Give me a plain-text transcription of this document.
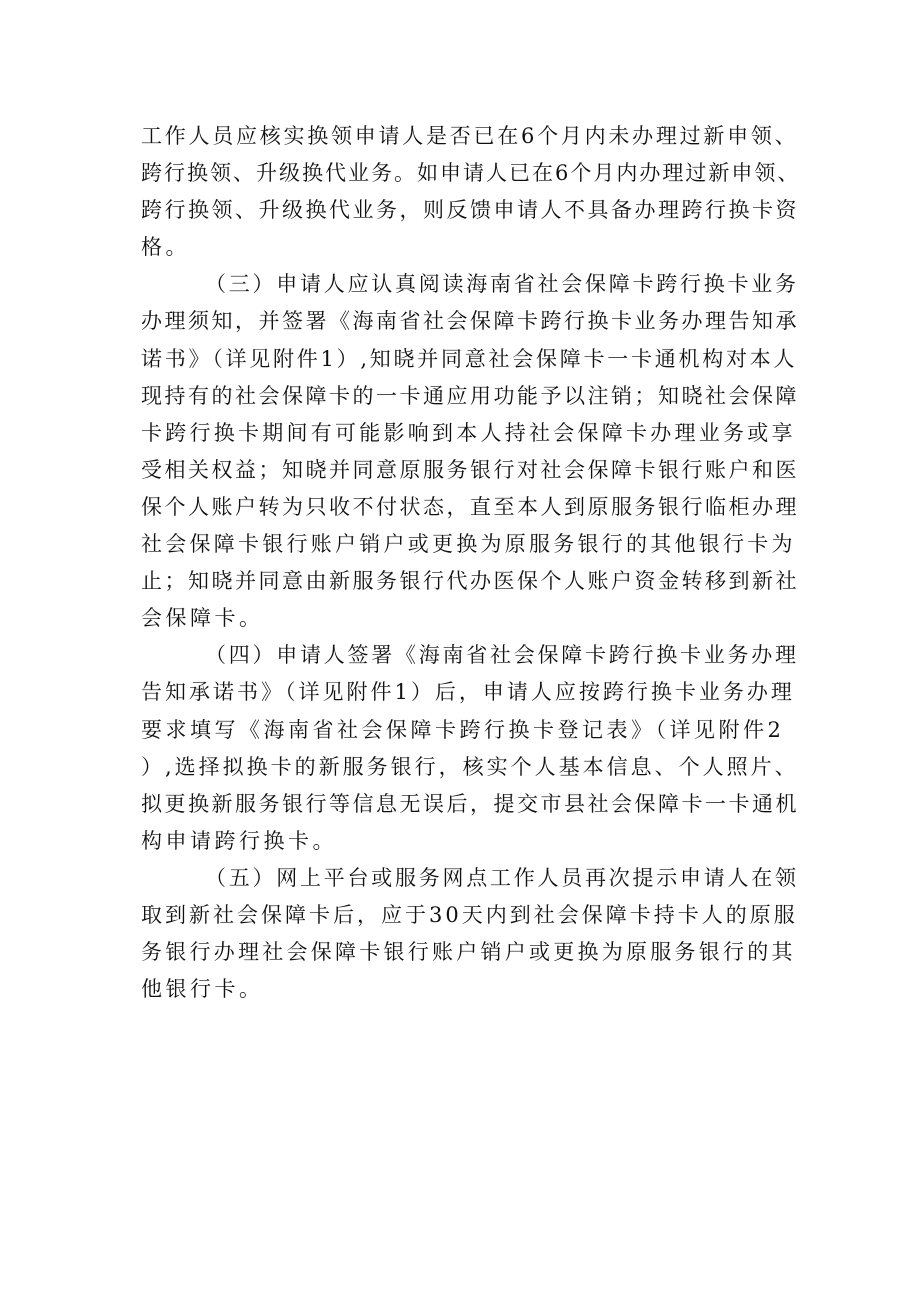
工作人员应核实换领申请人是否已在6个月内未办理过新申领、

跨行换领、升级换代业务。如申请人已在6个月内办理过新申领、

跨行换领、升级换代业务，则反馈申请人不具备办理跨行换卡资

格。

（三）申请人应认真阅读海南省社会保障卡跨行换卡业务

办理须知，并签署《海南省社会保障卡跨行换卡业务办理告知承

诺书》（详见附件1）,知晓并同意社会保障卡一卡通机构对本人

现持有的社会保障卡的一卡通应用功能予以注销；知晓社会保障

卡跨行换卡期间有可能影响到本人持社会保障卡办理业务或享

受相关权益；知晓并同意原服务银行对社会保障卡银行账户和医

保个人账户转为只收不付状态，直至本人到原服务银行临柜办理

社会保障卡银行账户销户或更换为原服务银行的其他银行卡为

止；知晓并同意由新服务银行代办医保个人账户资金转移到新社

会保障卡。

（四）申请人签署《海南省社会保障卡跨行换卡业务办理

告知承诺书》（详见附件1）后，申请人应按跨行换卡业务办理

要求填写《海南省社会保障卡跨行换卡登记表》（详见附件2

）,选择拟换卡的新服务银行，核实个人基本信息、个人照片、

拟更换新服务银行等信息无误后，提交市县社会保障卡一卡通机

构申请跨行换卡。

（五）网上平台或服务网点工作人员再次提示申请人在领

取到新社会保障卡后，应于30天内到社会保障卡持卡人的原服

务银行办理社会保障卡银行账户销户或更换为原服务银行的其

他银行卡。
